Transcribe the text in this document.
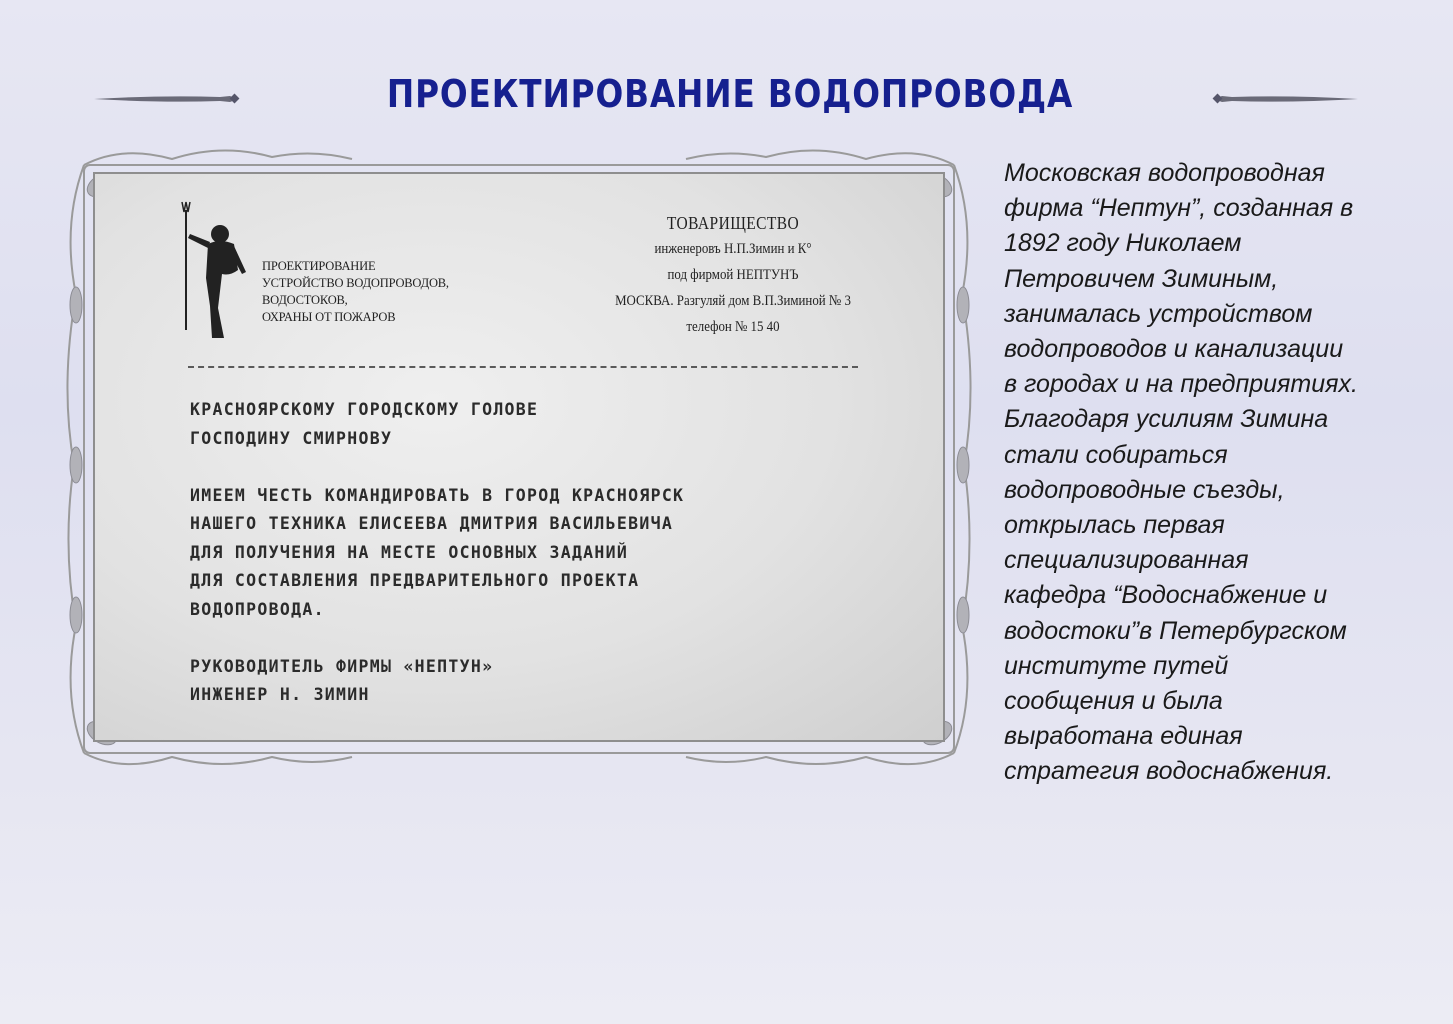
ПРОЕКТИРОВАНИЕ ВОДОПРОВОДА
ПРОЕКТИРОВАНИЕ
УСТРОЙСТВО ВОДОПРОВОДОВ,
ВОДОСТОКОВ,
ОХРАНЫ ОТ ПОЖАРОВ
ТОВАРИЩЕСТВО
инженеровъ Н.П.Зимин и К°
под фирмой НЕПТУНЪ
МОСКВА. Разгуляй дом В.П.Зиминой № 3
телефон № 15 40
КРАСНОЯРСКОМУ ГОРОДСКОМУ ГОЛОВЕ
ГОСПОДИНУ СМИРНОВУ
ИМЕЕМ ЧЕСТЬ КОМАНДИРОВАТЬ В ГОРОД КРАСНОЯРСК
НАШЕГО ТЕХНИКА ЕЛИСЕЕВА ДМИТРИЯ ВАСИЛЬЕВИЧА
ДЛЯ ПОЛУЧЕНИЯ НА МЕСТЕ ОСНОВНЫХ ЗАДАНИЙ
ДЛЯ СОСТАВЛЕНИЯ ПРЕДВАРИТЕЛЬНОГО ПРОЕКТА
ВОДОПРОВОДА.
РУКОВОДИТЕЛЬ ФИРМЫ «НЕПТУН»
ИНЖЕНЕР Н. ЗИМИН
Московская водопроводная
фирма “Нептун”, созданная в
1892 году Николаем
Петровичем Зиминым,
занималась устройством
водопроводов и канализации
в городах и на предприятиях.
Благодаря усилиям Зимина
стали собираться
водопроводные съезды,
открылась первая
специализированная
кафедра “Водоснабжение и
водостоки”в Петербургском
институте путей
сообщения и была
выработана единая
стратегия водоснабжения.
